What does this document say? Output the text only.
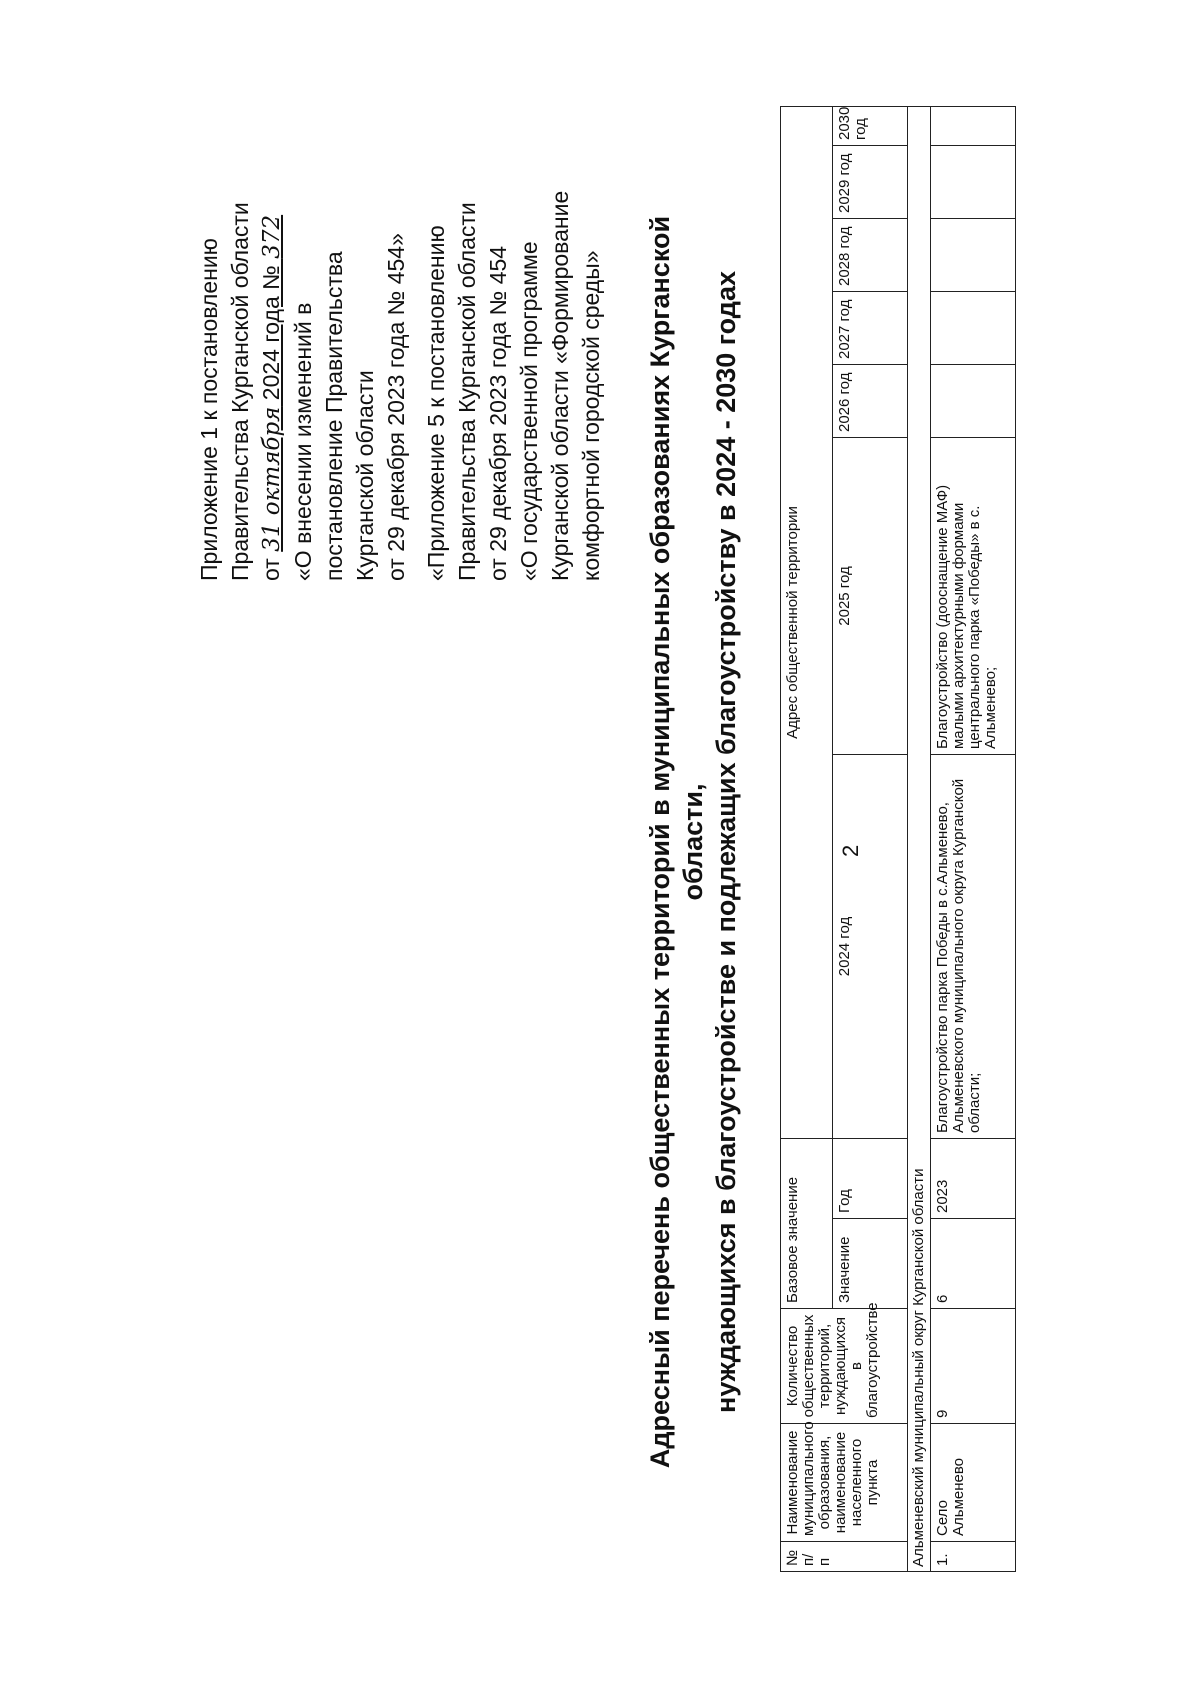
2
Приложение 1 к постановлению Правительства Курганской области от 31 октября 2024 года № 372
«О внесении изменений в постановление Правительства Курганской области от 29 декабря 2023 года № 454» «Приложение 5 к постановлению Правительства Курганской области от 29 декабря 2023 года № 454 «О государственной программе Курганской области «Формирование комфортной городской среды» Адресный перечень общественных территорий в муниципальных образованиях Курганской области, нуждающихся в благоустройстве и подлежащих благоустройству в 2024 - 2030 годах
№ п/п	Наименование муниципального образования, наименование населенного пункта	Количество общественных территорий, нуждающихся в благоустройстве	Базовое значение		Адрес общественной территории						
			Значение	Год	2024 год	2025 год	2026 год	2027 год	2028 год	2029 год	2030 год
Альменевский муниципальный округ Курганской области											
1.	Село Альменево	9	6	2023	Благоустройство парка Победы в с.Альменево, Альменевского муниципального округа Курганской области;	Благоустройство (дооснащение МАФ) малыми архитектурными формами центрального парка «Победы» в с. Альменево;					
